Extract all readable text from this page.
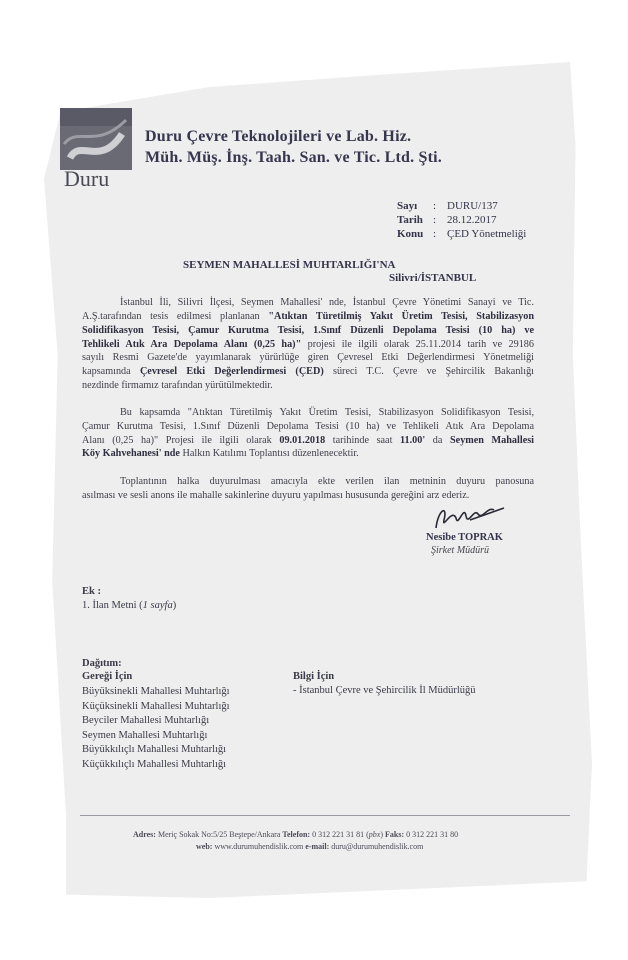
Duru
Duru Çevre Teknolojileri ve Lab. Hiz.
Müh. Müş. İnş. Taah. San. ve Tic. Ltd. Şti.
Sayı : DURU/137
Tarih : 28.12.2017
Konu : ÇED Yönetmeliği
SEYMEN MAHALLESİ MUHTARLIĞI'NA
Silivri/İSTANBUL
İstanbul İli, Silivri İlçesi, Seymen Mahallesi' nde, İstanbul Çevre Yönetimi Sanayi ve Tic.
A.Ş.tarafından tesis edilmesi planlanan "Atıktan Türetilmiş Yakıt Üretim Tesisi, Stabilizasyon
Solidifikasyon Tesisi, Çamur Kurutma Tesisi, 1.Sınıf Düzenli Depolama Tesisi (10 ha) ve
Tehlikeli Atık Ara Depolama Alanı (0,25 ha)" projesi ile ilgili olarak 25.11.2014 tarih ve 29186
sayılı Resmi Gazete'de yayımlanarak yürürlüğe giren Çevresel Etki Değerlendirmesi Yönetmeliği
kapsamında Çevresel Etki Değerlendirmesi (ÇED) süreci T.C. Çevre ve Şehircilik Bakanlığı
nezdinde firmamız tarafından yürütülmektedir.
Bu kapsamda "Atıktan Türetilmiş Yakıt Üretim Tesisi, Stabilizasyon Solidifikasyon Tesisi,
Çamur Kurutma Tesisi, 1.Sınıf Düzenli Depolama Tesisi (10 ha) ve Tehlikeli Atık Ara Depolama
Alanı (0,25 ha)" Projesi ile ilgili olarak 09.01.2018 tarihinde saat 11.00' da Seymen Mahallesi
Köy Kahvehanesi' nde Halkın Katılımı Toplantısı düzenlenecektir.
Toplantının halka duyurulması amacıyla ekte verilen ilan metninin duyuru panosuna
asılması ve sesli anons ile mahalle sakinlerine duyuru yapılması hususunda gereğini arz ederiz.
Nesibe TOPRAK
Şirket Müdürü
Ek :
1. İlan Metni (1 sayfa)
Dağıtım:
Gereği İçin
Büyüksinekli Mahallesi Muhtarlığı
Küçüksinekli Mahallesi Muhtarlığı
Beyciler Mahallesi Muhtarlığı
Seymen Mahallesi Muhtarlığı
Büyükkılıçlı Mahallesi Muhtarlığı
Küçükkılıçlı Mahallesi Muhtarlığı
Bilgi İçin
- İstanbul Çevre ve Şehircilik İl Müdürlüğü
Adres: Meriç Sokak No:5/25 Beştepe/Ankara Telefon: 0 312 221 31 81 (pbx) Faks: 0 312 221 31 80
web: www.durumuhendislik.com e-mail: duru@durumuhendislik.com
